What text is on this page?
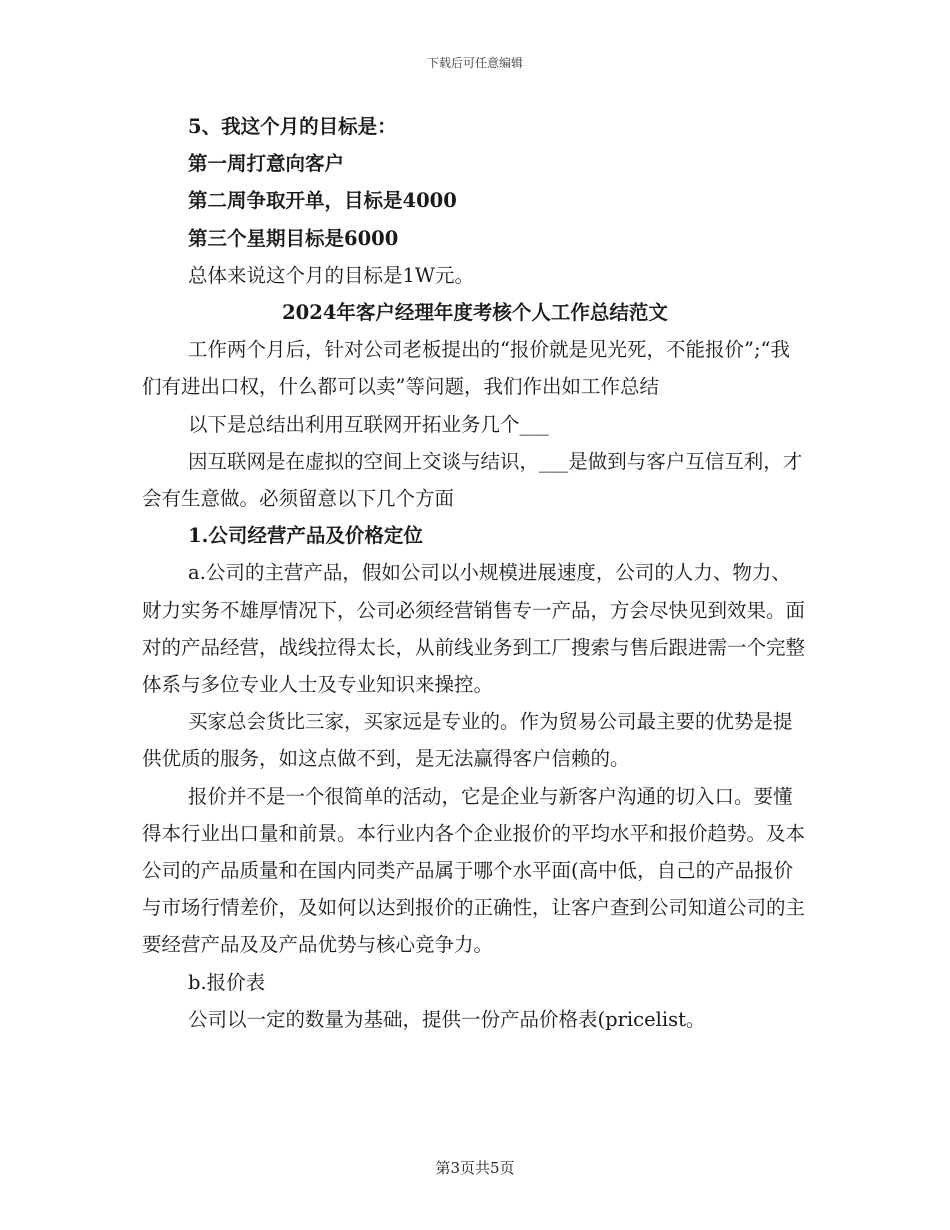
下载后可任意编辑

5、我这个月的目标是：

第一周打意向客户

第二周争取开单，目标是4000

第三个星期目标是6000

总体来说这个月的目标是1W元。

2024年客户经理年度考核个人工作总结范文

工作两个月后，针对公司老板提出的“报价就是见光死，不能报价”;“我们有进出口权，什么都可以卖”等问题，我们作出如工作总结

以下是总结出利用互联网开拓业务几个___

因互联网是在虚拟的空间上交谈与结识，___是做到与客户互信互利，才会有生意做。必须留意以下几个方面

1.公司经营产品及价格定位

a.公司的主营产品，假如公司以小规模进展速度，公司的人力、物力、财力实务不雄厚情况下，公司必须经营销售专一产品，方会尽快见到效果。面对的产品经营，战线拉得太长，从前线业务到工厂搜索与售后跟进需一个完整体系与多位专业人士及专业知识来操控。

买家总会货比三家，买家远是专业的。作为贸易公司最主要的优势是提供优质的服务，如这点做不到，是无法赢得客户信赖的。

报价并不是一个很简单的活动，它是企业与新客户沟通的切入口。要懂得本行业出口量和前景。本行业内各个企业报价的平均水平和报价趋势。及本公司的产品质量和在国内同类产品属于哪个水平面(高中低，自己的产品报价与市场行情差价，及如何以达到报价的正确性，让客户查到公司知道公司的主要经营产品及及产品优势与核心竞争力。

b.报价表

公司以一定的数量为基础，提供一份产品价格表(pricelist。

第3页共5页
